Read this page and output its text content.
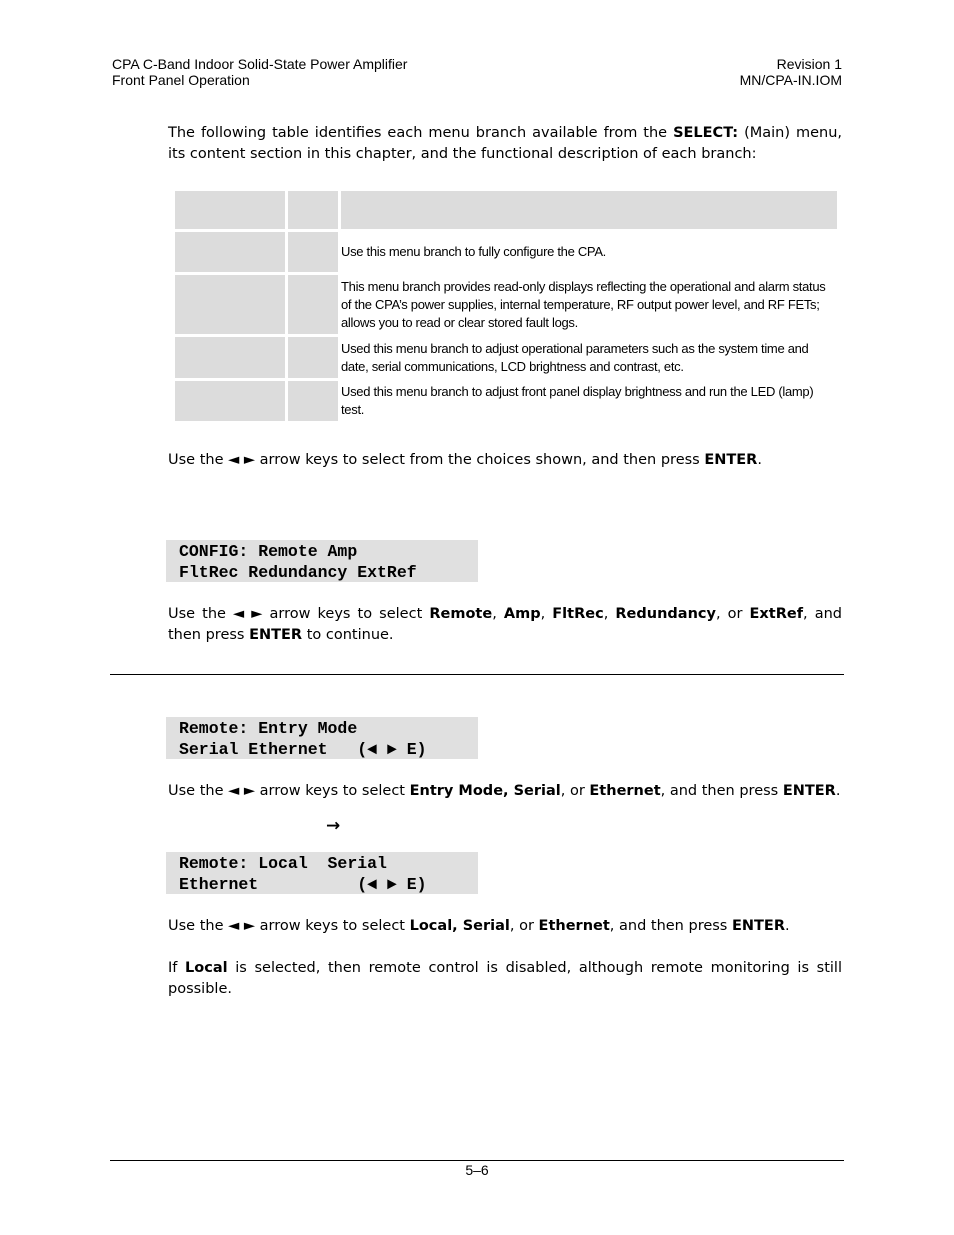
CPA C-Band Indoor Solid-State Power Amplifier
Front Panel Operation
Revision 1
MN/CPA-IN.IOM
The following table identifies each menu branch available from the SELECT: (Main) menu, its content section in this chapter, and the functional description of each branch:

		Use this menu branch to fully configure the CPA.
		This menu branch provides read-only displays reflecting the operational and alarm status of the CPA’s power supplies, internal temperature, RF output power level, and RF FETs; allows you to read or clear stored fault logs.
		Used this menu branch to adjust operational parameters such as the system time and date, serial communications, LCD brightness and contrast, etc.
		Used this menu branch to adjust front panel display brightness and run the LED (lamp) test.
Use the ◄ ► arrow keys to select from the choices shown, and then press ENTER.
CONFIG: Remote Amp
FltRec Redundancy ExtRef
Use the ◄ ► arrow keys to select Remote, Amp, FltRec, Redundancy, or ExtRef, and then press ENTER to continue.
Remote: Entry Mode
Serial Ethernet   (◄ ► E)
Use the ◄ ► arrow keys to select Entry Mode, Serial, or Ethernet, and then press ENTER.
→
Remote: Local  Serial
Ethernet          (◄ ► E)
Use the ◄ ► arrow keys to select Local, Serial, or Ethernet, and then press ENTER.
If Local is selected, then remote control is disabled, although remote monitoring is still possible.
5–6
